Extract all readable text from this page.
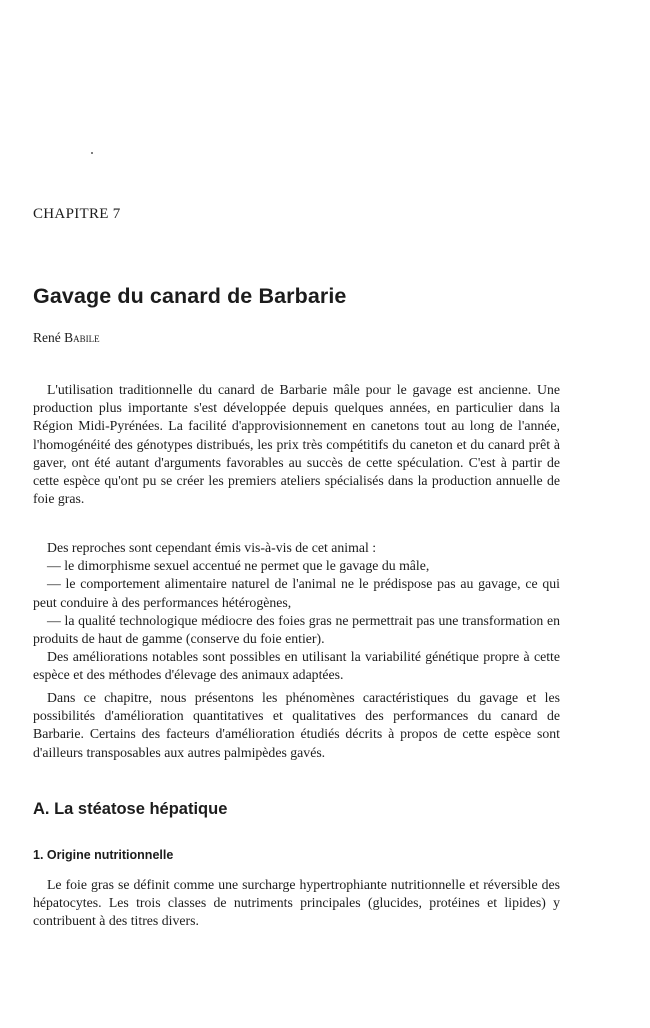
CHAPITRE 7
Gavage du canard de Barbarie

René Babile

L'utilisation traditionnelle du canard de Barbarie mâle pour le gavage est ancienne. Une production plus importante s'est développée depuis quelques années, en particulier dans la Région Midi-Pyrénées. La facilité d'approvisionnement en canetons tout au long de l'année, l'homogénéité des génotypes distribués, les prix très compétitifs du caneton et du canard prêt à gaver, ont été autant d'arguments favorables au succès de cette spéculation. C'est à partir de cette espèce qu'ont pu se créer les premiers ateliers spécialisés dans la production annuelle de foie gras.

Des reproches sont cependant émis vis-à-vis de cet animal :

— le dimorphisme sexuel accentué ne permet que le gavage du mâle,

— le comportement alimentaire naturel de l'animal ne le prédispose pas au gavage, ce qui peut conduire à des performances hétérogènes,

— la qualité technologique médiocre des foies gras ne permettrait pas une transformation en produits de haut de gamme (conserve du foie entier).

Des améliorations notables sont possibles en utilisant la variabilité génétique propre à cette espèce et des méthodes d'élevage des animaux adaptées.

Dans ce chapitre, nous présentons les phénomènes caractéristiques du gavage et les possibilités d'amélioration quantitatives et qualitatives des performances du canard de Barbarie. Certains des facteurs d'amélioration étudiés décrits à propos de cette espèce sont d'ailleurs transposables aux autres palmipèdes gavés.

A. La stéatose hépatique
1. Origine nutritionnelle

Le foie gras se définit comme une surcharge hypertrophiante nutritionnelle et réversible des hépatocytes. Les trois classes de nutriments principales (glucides, protéines et lipides) y contribuent à des titres divers.
